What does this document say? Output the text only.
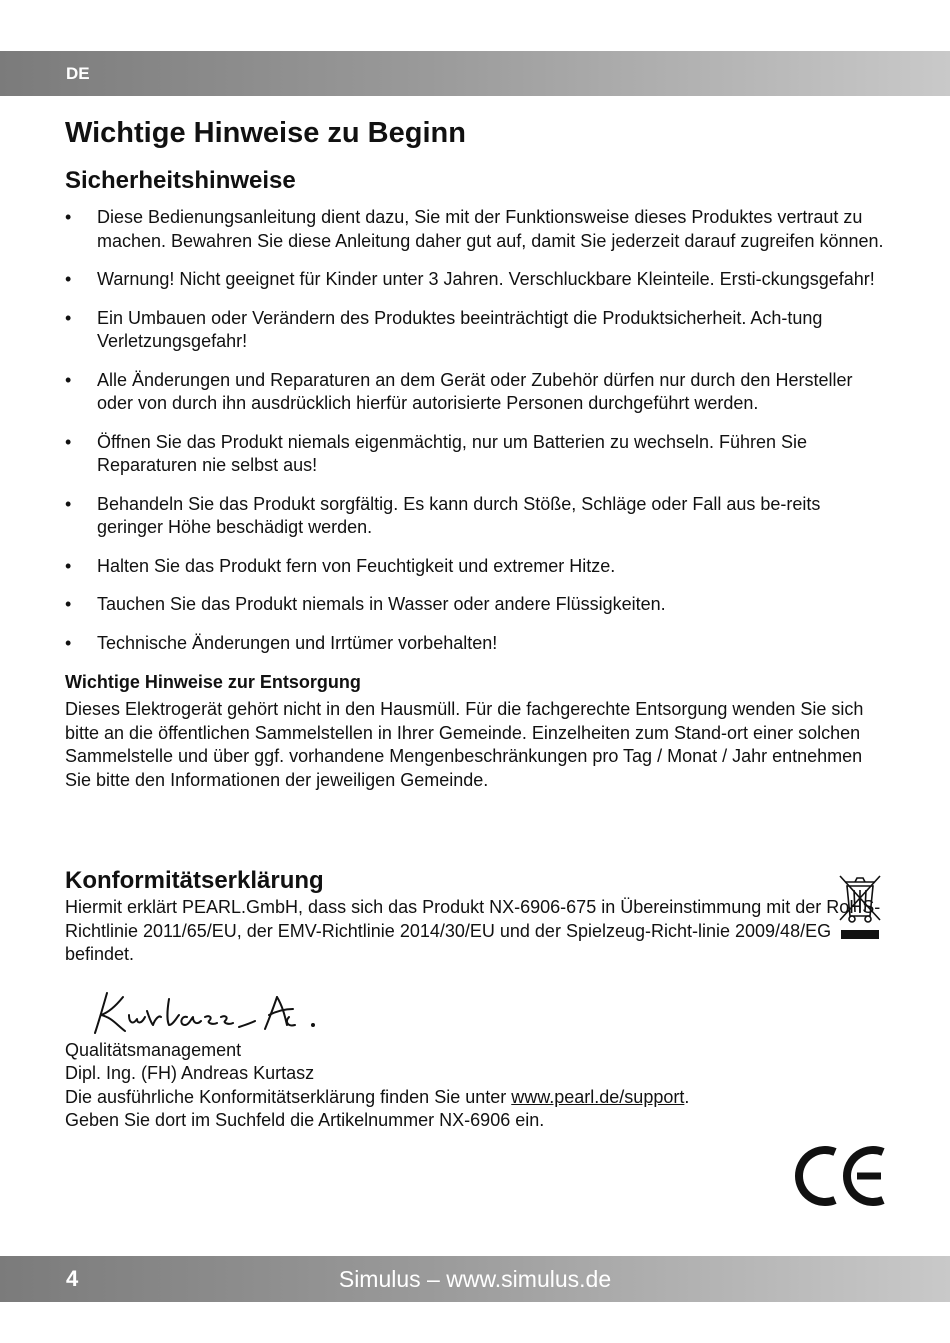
DE
Wichtige Hinweise zu Beginn
Sicherheitshinweise
• Diese Bedienungsanleitung dient dazu, Sie mit der Funktionsweise dieses Produktes vertraut zu machen. Bewahren Sie diese Anleitung daher gut auf, damit Sie jederzeit darauf zugreifen können.
• Warnung! Nicht geeignet für Kinder unter 3 Jahren. Verschluckbare Kleinteile. Ersti-ckungsgefahr!
• Ein Umbauen oder Verändern des Produktes beeinträchtigt die Produktsicherheit. Ach-tung Verletzungsgefahr!
• Alle Änderungen und Reparaturen an dem Gerät oder Zubehör dürfen nur durch den Hersteller oder von durch ihn ausdrücklich hierfür autorisierte Personen durchgeführt werden.
• Öffnen Sie das Produkt niemals eigenmächtig, nur um Batterien zu wechseln. Führen Sie Reparaturen nie selbst aus!
• Behandeln Sie das Produkt sorgfältig. Es kann durch Stöße, Schläge oder Fall aus be-reits geringer Höhe beschädigt werden.
• Halten Sie das Produkt fern von Feuchtigkeit und extremer Hitze.
• Tauchen Sie das Produkt niemals in Wasser oder andere Flüssigkeiten.
• Technische Änderungen und Irrtümer vorbehalten!
Wichtige Hinweise zur Entsorgung

Dieses Elektrogerät gehört nicht in den Hausmüll. Für die fachgerechte Entsorgung wenden Sie sich bitte an die öffentlichen Sammelstellen in Ihrer Gemeinde. Einzelheiten zum Stand-ort einer solchen Sammelstelle und über ggf. vorhandene Mengenbeschränkungen pro Tag / Monat / Jahr entnehmen Sie bitte den Informationen der jeweiligen Gemeinde.

Konformitätserklärung

Hiermit erklärt PEARL.GmbH, dass sich das Produkt NX-6906-675 in Übereinstimmung mit der RoHS-Richtlinie 2011/65/EU, der EMV-Richtlinie 2014/30/EU und der Spielzeug-Richt-linie 2009/48/EG befindet.

Qualitätsmanagement

Dipl. Ing. (FH) Andreas Kurtasz

Die ausführliche Konformitätserklärung finden Sie unter www.pearl.de/support.

Geben Sie dort im Suchfeld die Artikelnummer NX-6906 ein.

4	Simulus – www.simulus.de
